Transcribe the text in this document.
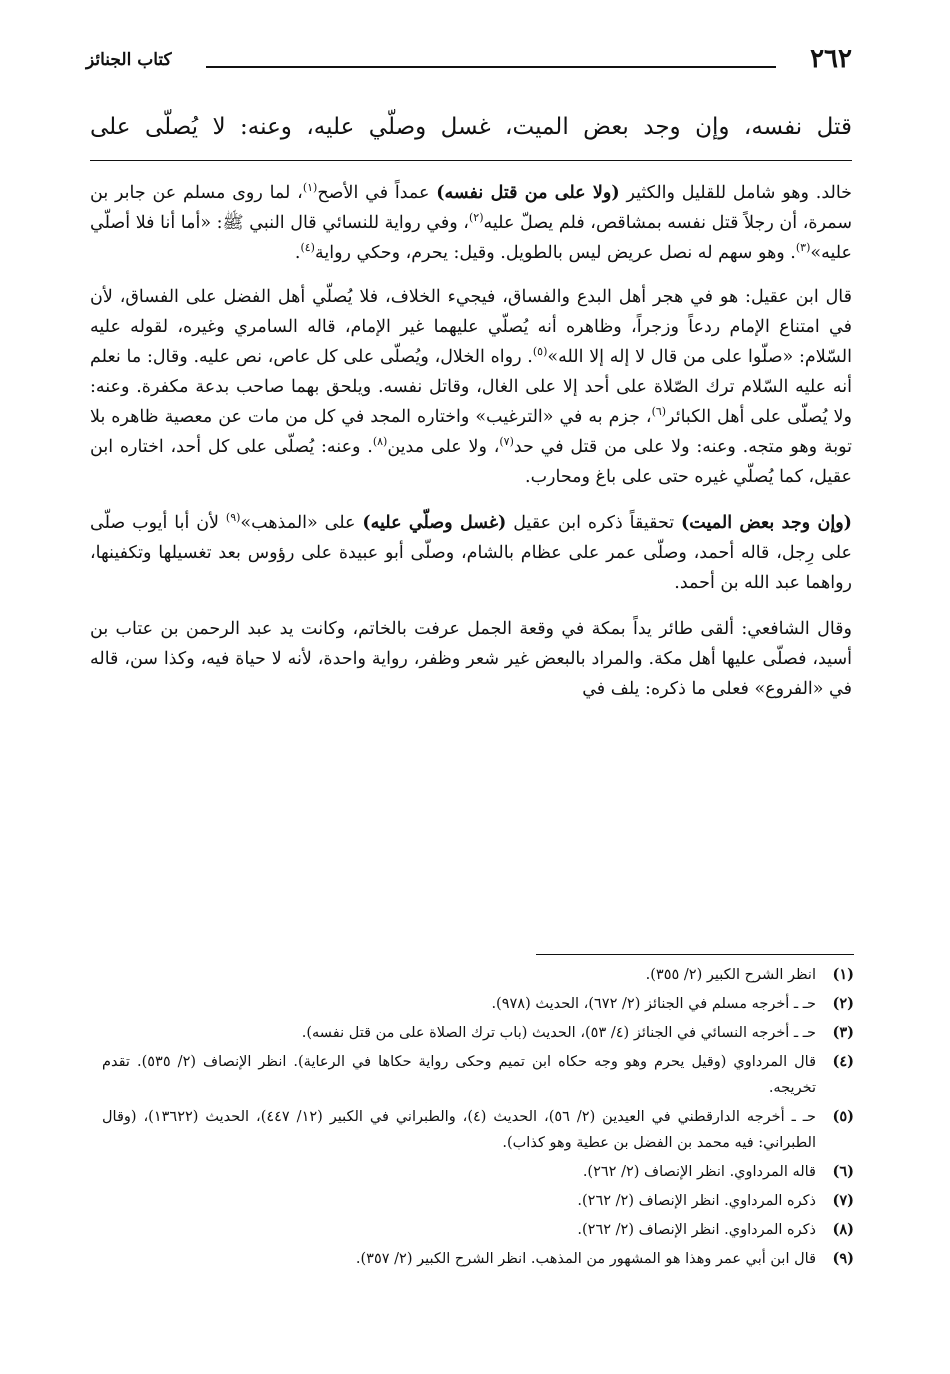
٢٦٢
كتاب الجنائز

قتل نفسه، وإن وجد بعض الميت، غسل وصلّي عليه، وعنه: لا يُصلّى على

خالد. وهو شامل للقليل والكثير (ولا على من قتل نفسه) عمداً في الأصح$^{(١)}$، لما روى مسلم عن جابر بن سمرة، أن رجلاً قتل نفسه بمشاقص، فلم يصلّ عليه$^{(٢)}$، وفي رواية للنسائي قال النبي ﷺ: «أما أنا فلا أصلّي عليه»$^{(٣)}$. وهو سهم له نصل عريض ليس بالطويل. وقيل: يحرم، وحكي رواية$^{(٤)}$.

قال ابن عقيل: هو في هجر أهل البدع والفساق، فيجيء الخلاف، فلا يُصلّي أهل الفضل على الفساق، لأن في امتناع الإمام ردعاً وزجراً، وظاهره أنه يُصلّي عليهما غير الإمام، قاله السامري وغيره، لقوله عليه السّلام: «صلّوا على من قال لا إله إلا الله»$^{(٥)}$. رواه الخلال، ويُصلّى على كل عاص، نص عليه. وقال: ما نعلم أنه عليه السّلام ترك الصّلاة على أحد إلا على الغال، وقاتل نفسه. ويلحق بهما صاحب بدعة مكفرة. وعنه: ولا يُصلّى على أهل الكبائر$^{(٦)}$، جزم به في «الترغيب» واختاره المجد في كل من مات عن معصية ظاهره بلا توبة وهو متجه. وعنه: ولا على من قتل في حد$^{(٧)}$، ولا على مدين$^{(٨)}$. وعنه: يُصلّى على كل أحد، اختاره ابن عقيل، كما يُصلّي غيره حتى على باغ ومحارب.

(وإن وجد بعض الميت) تحقيقاً ذكره ابن عقيل (غسل وصلّي عليه) على «المذهب»$^{(٩)}$ لأن أبا أيوب صلّى على رِجل، قاله أحمد، وصلّى عمر على عظام بالشام، وصلّى أبو عبيدة على رؤوس بعد تغسيلها وتكفينها، رواهما عبد الله بن أحمد.

وقال الشافعي: ألقى طائر يداً بمكة في وقعة الجمل عرفت بالخاتم، وكانت يد عبد الرحمن بن عتاب بن أسيد، فصلّى عليها أهل مكة. والمراد بالبعض غير شعر وظفر، رواية واحدة، لأنه لا حياة فيه، وكذا سن، قاله في «الفروع» فعلى ما ذكره: يلف في

(١)
انظر الشرح الكبير (٢/ ٣٥٥).
(٢)
حـ ـ أخرجه مسلم في الجنائز (٢/ ٦٧٢)، الحديث (٩٧٨).
(٣)
حـ ـ أخرجه النسائي في الجنائز (٤/ ٥٣)، الحديث (باب ترك الصلاة على من قتل نفسه).
(٤)
قال المرداوي (وقيل يحرم وهو وجه حكاه ابن تميم وحكى رواية حكاها في الرعاية). انظر الإنصاف (٢/ ٥٣٥). تقدم تخريجه.
(٥)
حـ ـ أخرجه الدارقطني في العيدين (٢/ ٥٦)، الحديث (٤)، والطبراني في الكبير (١٢/ ٤٤٧)، الحديث (١٣٦٢٢)، (وقال الطبراني: فيه محمد بن الفضل بن عطية وهو كذاب).
(٦)
قاله المرداوي. انظر الإنصاف (٢/ ٢٦٢).
(٧)
ذكره المرداوي. انظر الإنصاف (٢/ ٢٦٢).
(٨)
ذكره المرداوي. انظر الإنصاف (٢/ ٢٦٢).
(٩)
قال ابن أبي عمر وهذا هو المشهور من المذهب. انظر الشرح الكبير (٢/ ٣٥٧).
